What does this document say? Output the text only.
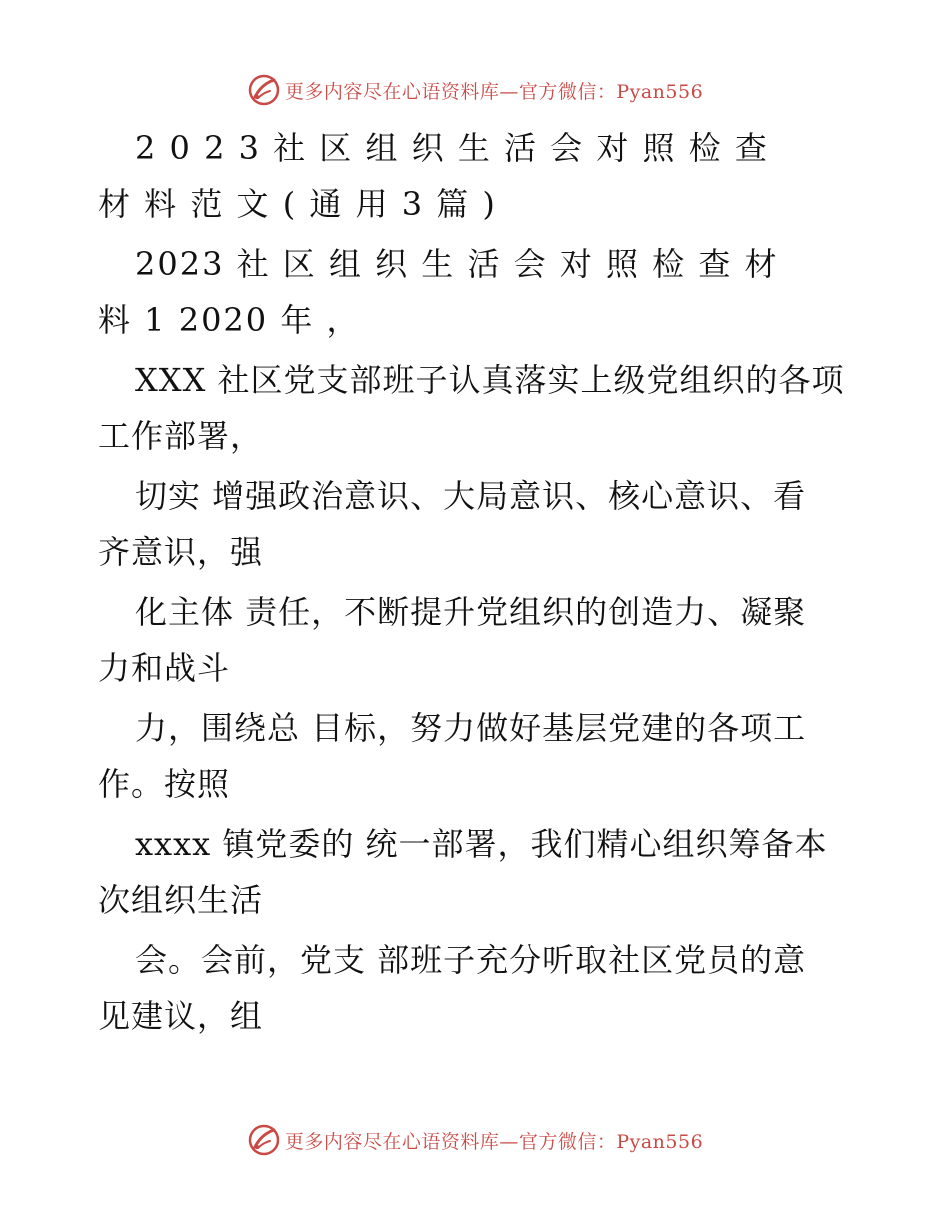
更多内容尽在心语资料库—官方微信：Pyan556
2 0 2 3 社 区 组 织 生 活 会 对 照 检 查
材 料 范 文 ( 通 用 3 篇 )
2023 社 区 组 织 生 活 会 对 照 检 查 材
料 1 2020 年 ，
XXX 社区党支部班子认真落实上级党组织的各项
工作部署，
切实 增强政治意识、大局意识、核心意识、看
齐意识，强
化主体 责任，不断提升党组织的创造力、凝聚
力和战斗
力，围绕总 目标，努力做好基层党建的各项工
作。按照
xxxx 镇党委的 统一部署，我们精心组织筹备本
次组织生活
会。会前，党支 部班子充分听取社区党员的意
见建议，组
更多内容尽在心语资料库—官方微信：Pyan556
